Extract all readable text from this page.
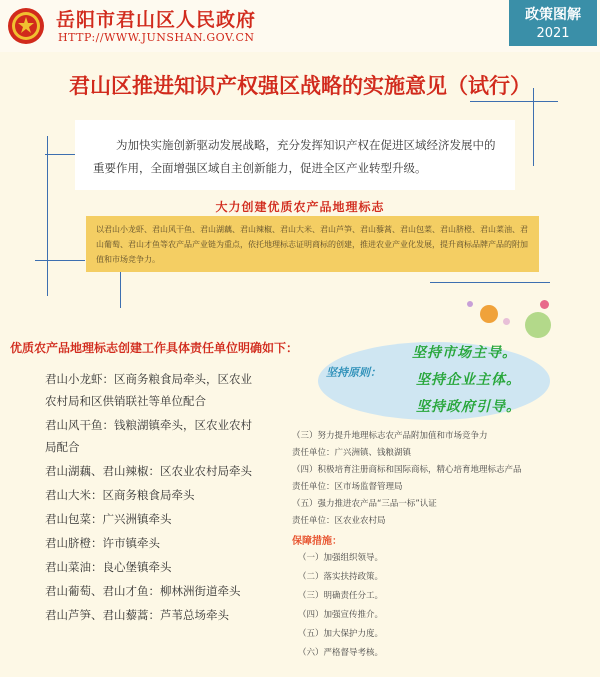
岳阳市君山区人民政府
HTTP://WWW.JUNSHAN.GOV.CN
政策图解
2021
君山区推进知识产权强区战略的实施意见（试行）

为加快实施创新驱动发展战略，充分发挥知识产权在促进区域经济发展中的重要作用，全面增强区域自主创新能力，促进全区产业转型升级。

大力创建优质农产品地理标志

以君山小龙虾、君山风干鱼、君山湖藕、君山辣椒、君山大米、君山芦笋、君山藜蒿、君山包菜、君山脐橙、君山菜油、君山葡萄、君山才鱼等农产品产业链为重点，依托地理标志证明商标的创建，推进农业产业化发展，提升商标品牌产品的附加值和市场竞争力。

优质农产品地理标志创建工作具体责任单位明确如下：
君山小龙虾：区商务粮食局牵头，区农业农村局和区供销联社等单位配合
君山风干鱼：钱粮湖镇牵头，区农业农村局配合
君山湖藕、君山辣椒：区农业农村局牵头
君山大米：区商务粮食局牵头
君山包菜：广兴洲镇牵头
君山脐橙：许市镇牵头
君山菜油：良心堡镇牵头
君山葡萄、君山才鱼：柳林洲街道牵头
君山芦笋、君山藜蒿：芦苇总场牵头
坚持原则：
坚持市场主导。
坚持企业主体。
坚持政府引导。
（三）努力提升地理标志农产品附加值和市场竞争力
责任单位：广兴洲镇、钱粮湖镇
（四）积极培育注册商标和国际商标，精心培育地理标志产品
责任单位：区市场监督管理局
（五）强力推进农产品“三品一标”认证
责任单位：区农业农村局
保障措施：
（一）加强组织领导。
（二）落实扶持政策。
（三）明确责任分工。
（四）加强宣传推介。
（五）加大保护力度。
（六）严格督导考核。
